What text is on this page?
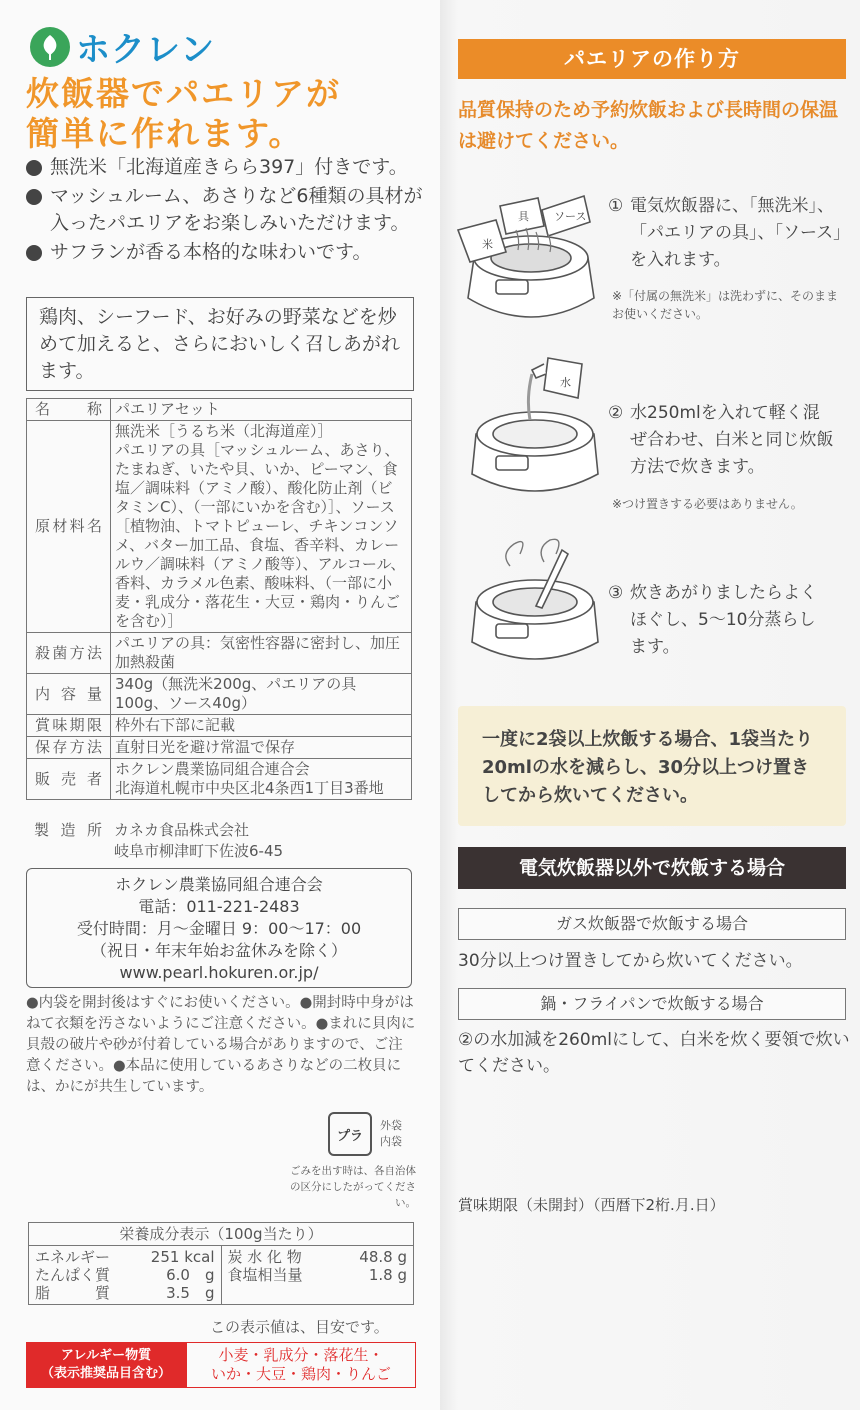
ホクレン
炊飯器でパエリアが
簡単に作れます。
無洗米「北海道産きらら397」付きです。
マッシュルーム、あさりなど6種類の具材が入ったパエリアをお楽しみいただけます。
サフランが香る本格的な味わいです。
鶏肉、シーフード、お好みの野菜などを炒めて加えると、さらにおいしく召しあがれます。
名　　称	パエリアセット
原材料名	無洗米［うるち米（北海道産）］
パエリアの具［マッシュルーム、あさり、たまねぎ、いたや貝、いか、ピーマン、食塩／調味料（アミノ酸）、酸化防止剤（ビタミンC）、（一部にいかを含む）］、ソース［植物油、トマトピューレ、チキンコンソメ、バター加工品、食塩、香辛料、カレールウ／調味料（アミノ酸等）、アルコール、香料、カラメル色素、酸味料、（一部に小麦・乳成分・落花生・大豆・鶏肉・りんごを含む）］
殺菌方法	パエリアの具：気密性容器に密封し、加圧加熱殺菌
内 容 量	340g（無洗米200g、パエリアの具100g、ソース40g）
賞味期限	枠外右下部に記載
保存方法	直射日光を避け常温で保存
販 売 者	ホクレン農業協同組合連合会
北海道札幌市中央区北4条西1丁目3番地
製 造 所 カネカ食品株式会社
岐阜市柳津町下佐波6-45
ホクレン農業協同組合連合会
電話：011-221-2483
受付時間：月～金曜日 9：00～17：00
（祝日・年末年始お盆休みを除く）
www.pearl.hokuren.or.jp/
●内袋を開封後はすぐにお使いください。●開封時中身がはねて衣類を汚さないようにご注意ください。●まれに貝肉に貝殻の破片や砂が付着している場合がありますので、ご注意ください。●本品に使用しているあさりなどの二枚貝には、かにが共生しています。
プラ
外袋
内袋
ごみを出す時は、各自治体の区分にしたがってください。
栄養成分表示（100g当たり）

エネルギー	251 kcal
たんぱく質	6.0　g
脂　　　質	3.5　g

炭 水 化 物	48.8 g
食塩相当量	1.8 g
この表示値は、目安です。
アレルギー物質
（表示推奨品目含む）
小麦・乳成分・落花生・
いか・大豆・鶏肉・りんご
パエリアの作り方
品質保持のため予約炊飯および長時間の保温は避けてください。
米
具 ソース
① 電気炊飯器に、「無洗米」、
「パエリアの具」、「ソース」
を入れます。
※「付属の無洗米」は洗わずに、そのままお使いください。
水
② 水250mlを入れて軽く混
ぜ合わせ、白米と同じ炊飯
方法で炊きます。
※つけ置きする必要はありません。
③ 炊きあがりましたらよく
ほぐし、5～10分蒸らし
ます。
一度に2袋以上炊飯する場合、1袋当たり20mlの水を減らし、30分以上つけ置きしてから炊いてください。
電気炊飯器以外で炊飯する場合
ガス炊飯器で炊飯する場合
30分以上つけ置きしてから炊いてください。
鍋・フライパンで炊飯する場合
②の水加減を260mlにして、白米を炊く要領で炊いてください。
賞味期限（未開封）（西暦下2桁.月.日）
